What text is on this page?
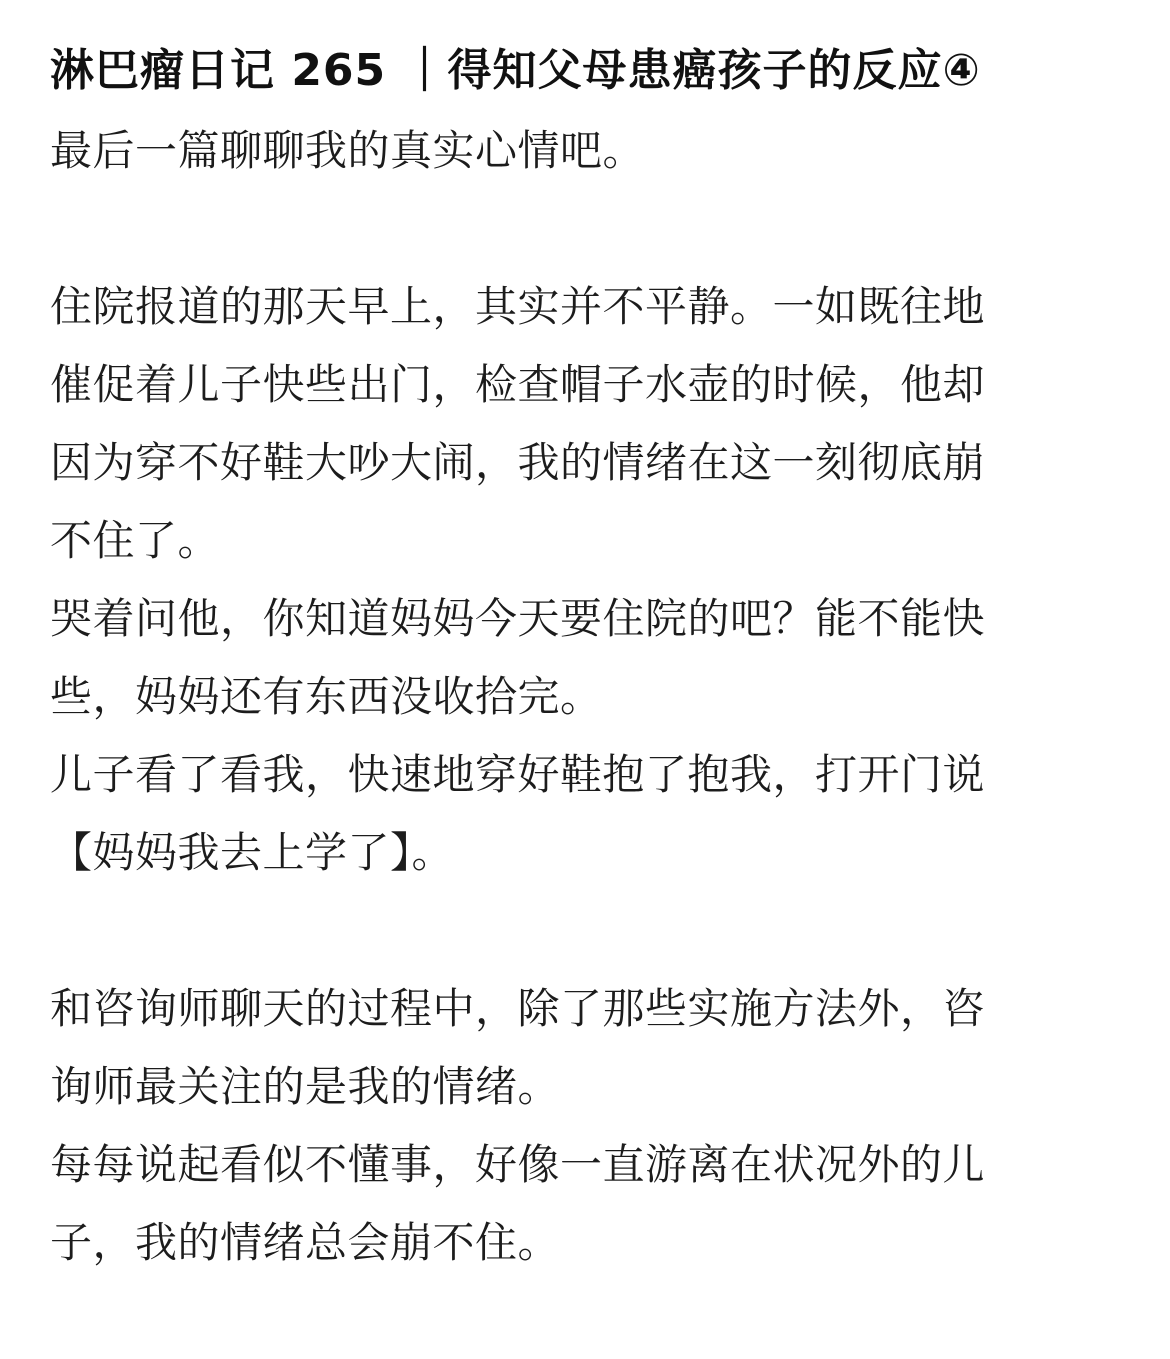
淋巴瘤日记 265 ｜得知父母患癌孩子的反应④
最后一篇聊聊我的真实心情吧。
住院报道的那天早上，其实并不平静。一如既往地
催促着儿子快些出门，检查帽子水壶的时候，他却
因为穿不好鞋大吵大闹，我的情绪在这一刻彻底崩
不住了。
哭着问他，你知道妈妈今天要住院的吧？能不能快
些，妈妈还有东西没收拾完。
儿子看了看我，快速地穿好鞋抱了抱我，打开门说
【妈妈我去上学了】。
和咨询师聊天的过程中，除了那些实施方法外，咨
询师最关注的是我的情绪。
每每说起看似不懂事，好像一直游离在状况外的儿
子，我的情绪总会崩不住。
